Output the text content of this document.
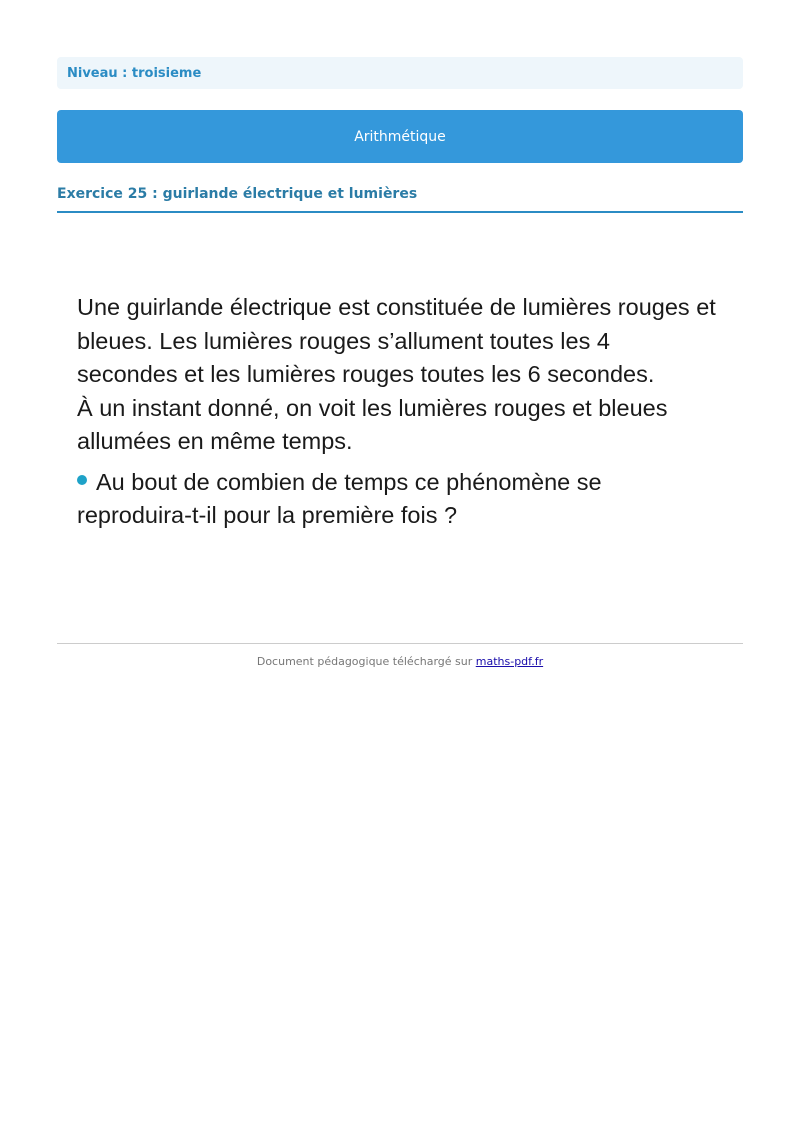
Niveau : troisieme
Arithmétique
Exercice 25 : guirlande électrique et lumières

Une guirlande électrique est constituée de lumières rouges et bleues. Les lumières rouges s’allument toutes les 4 secondes et les lumières rouges toutes les 6 secondes.

À un instant donné, on voit les lumières rouges et bleues allumées en même temps.

Au bout de combien de temps ce phénomène se reproduira-t-il pour la première fois ?

Document pédagogique téléchargé sur maths-pdf.fr
